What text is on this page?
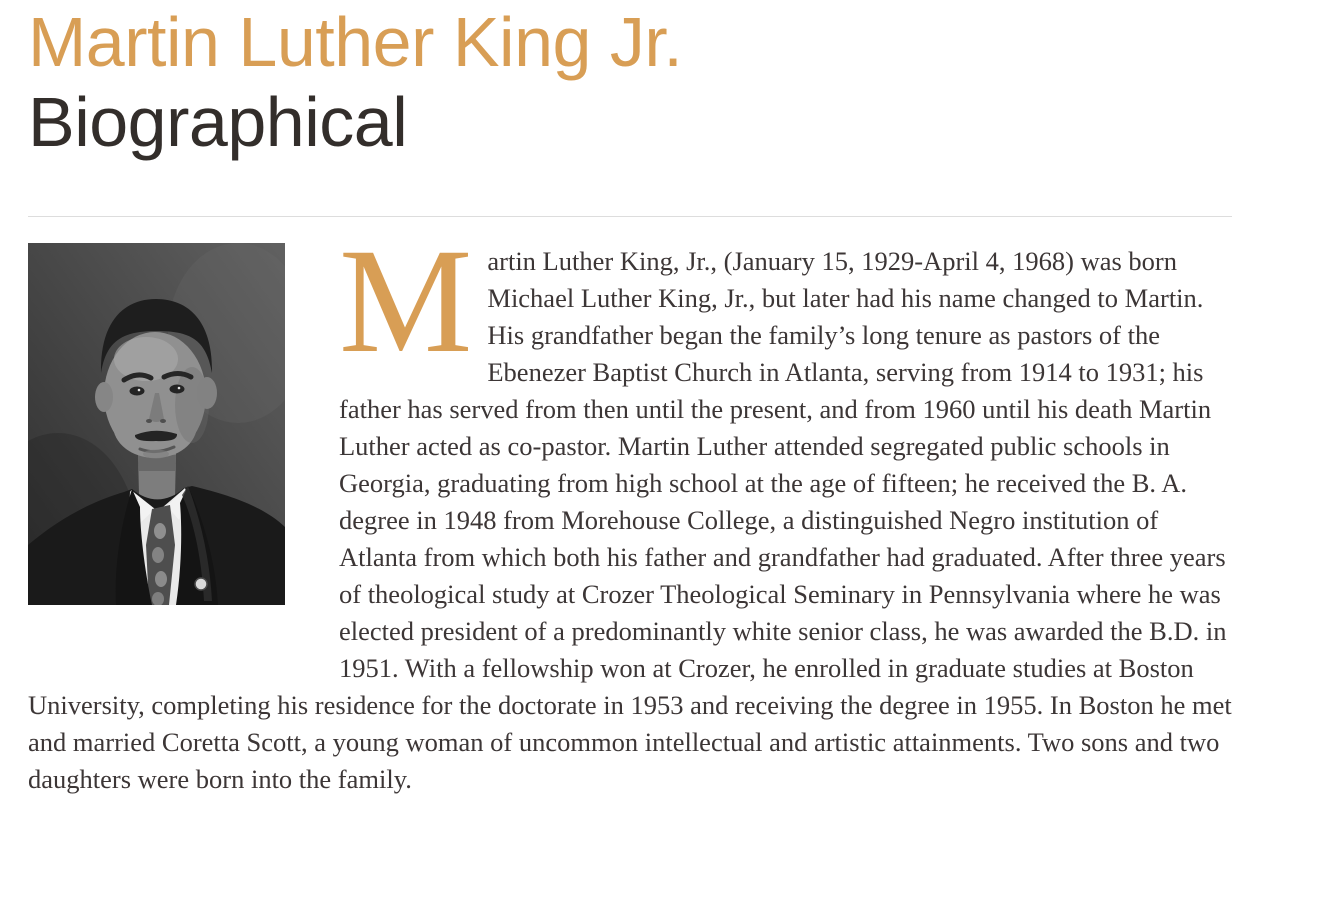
Martin Luther King Jr.
Biographical

Martin Luther King, Jr., (January 15, 1929-April 4, 1968) was born Michael Luther King, Jr., but later had his name changed to Martin. His grandfather began the family’s long tenure as pastors of the Ebenezer Baptist Church in Atlanta, serving from 1914 to 1931; his father has served from then until the present, and from 1960 until his death Martin Luther acted as co-pastor. Martin Luther attended segregated public schools in Georgia, graduating from high school at the age of fifteen; he received the B. A. degree in 1948 from Morehouse College, a distinguished Negro institution of Atlanta from which both his father and grandfather had graduated. After three years of theological study at Crozer Theological Seminary in Pennsylvania where he was elected president of a predominantly white senior class, he was awarded the B.D. in 1951. With a fellowship won at Crozer, he enrolled in graduate studies at Boston University, completing his residence for the doctorate in 1953 and receiving the degree in 1955. In Boston he met and married Coretta Scott, a young woman of uncommon intellectual and artistic attainments. Two sons and two daughters were born into the family.
